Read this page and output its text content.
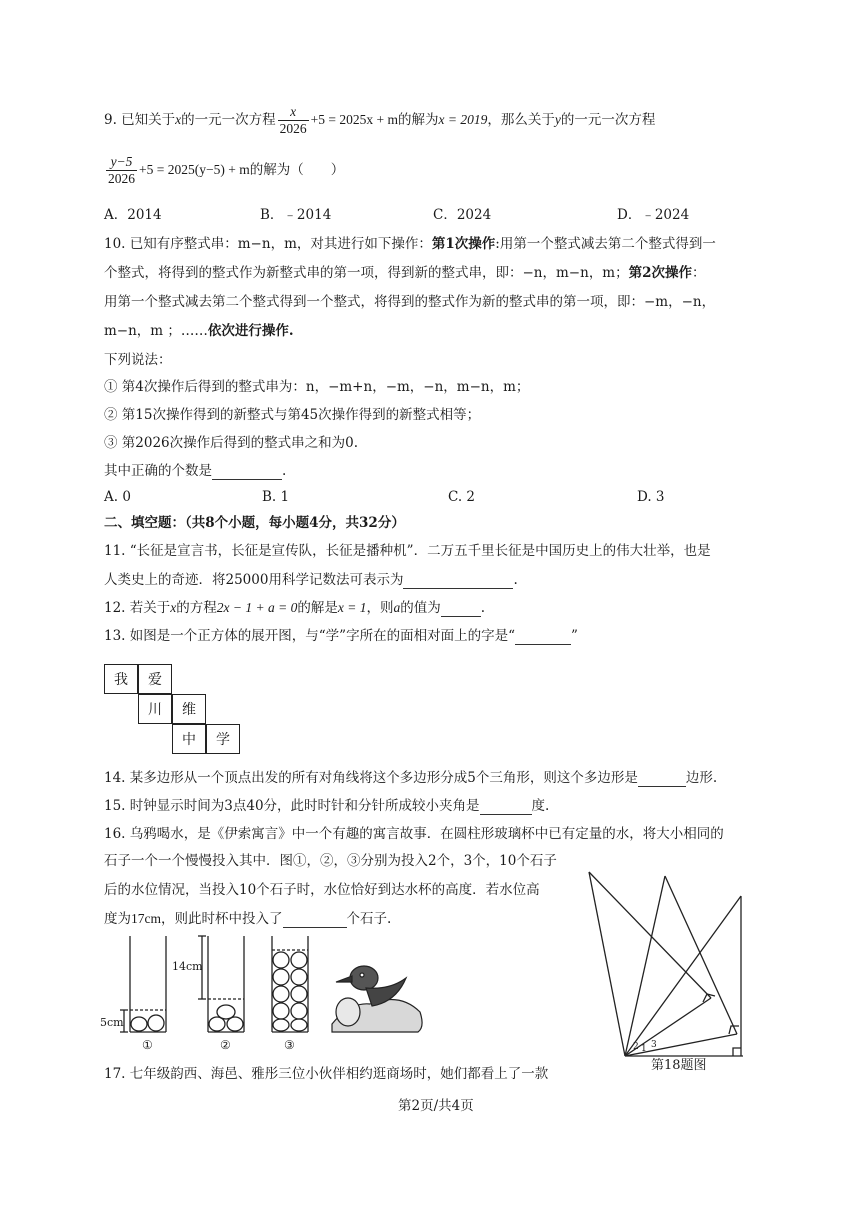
9. 已知关于x的一元一次方程 $\frac{x}{2026} +5 = 2025x + m$的解为x = 2019，那么关于y的一元一次方程
$\frac{y-5}{2026} +5 = 2025(y-5) + m$的解为（　　）
A．2014	B．﹣2014	C．2024	D．﹣2024
10. 已知有序整式串：m−n，m，对其进行如下操作：第1次操作:用第一个整式减去第二个整式得到一
个整式，将得到的整式作为新整式串的第一项，得到新的整式串，即：−n，m−n，m；第2次操作：
用第一个整式减去第二个整式得到一个整式，将得到的整式作为新的整式串的第一项，即：−m，−n，
m−n，m ；……依次进行操作.
下列说法：
① 第4次操作后得到的整式串为：n，−m+n，−m，−n，m−n，m；
② 第15次操作得到的新整式与第45次操作得到的新整式相等；
③ 第2026次操作后得到的整式串之和为0.
其中正确的个数是	.
A. 0	B. 1	C. 2	D. 3
二、填空题：（共8个小题，每小题4分，共32分）
11. “长征是宣言书，长征是宣传队，长征是播种机”．二万五千里长征是中国历史上的伟大壮举，也是
人类史上的奇迹．将25000用科学记数法可表示为	.
12. 若关于x的方程2x − 1 + a = 0的解是x = 1，则a的值为	.
13. 如图是一个正方体的展开图，与“学”字所在的面相对面上的字是“	”
我	爱
川	维
中	学
14. 某多边形从一个顶点出发的所有对角线将这个多边形分成5个三角形，则这个多边形是	边形.
15. 时钟显示时间为3点40分，此时时针和分针所成较小夹角是	度.
16. 乌鸦喝水，是《伊索寓言》中一个有趣的寓言故事．在圆柱形玻璃杯中已有定量的水，将大小相同的
石子一个一个慢慢投入其中．图①，②，③分别为投入2个，3个，10个石子
后的水位情况，当投入10个石子时，水位恰好到达水杯的高度．若水位高
度为17cm，则此时杯中投入了	个石子.
14cm
5cm
①	②	③	2 1 3
第18题图
17. 七年级韵西、海邑、雅彤三位小伙伴相约逛商场时，她们都看上了一款
第2页/共4页
